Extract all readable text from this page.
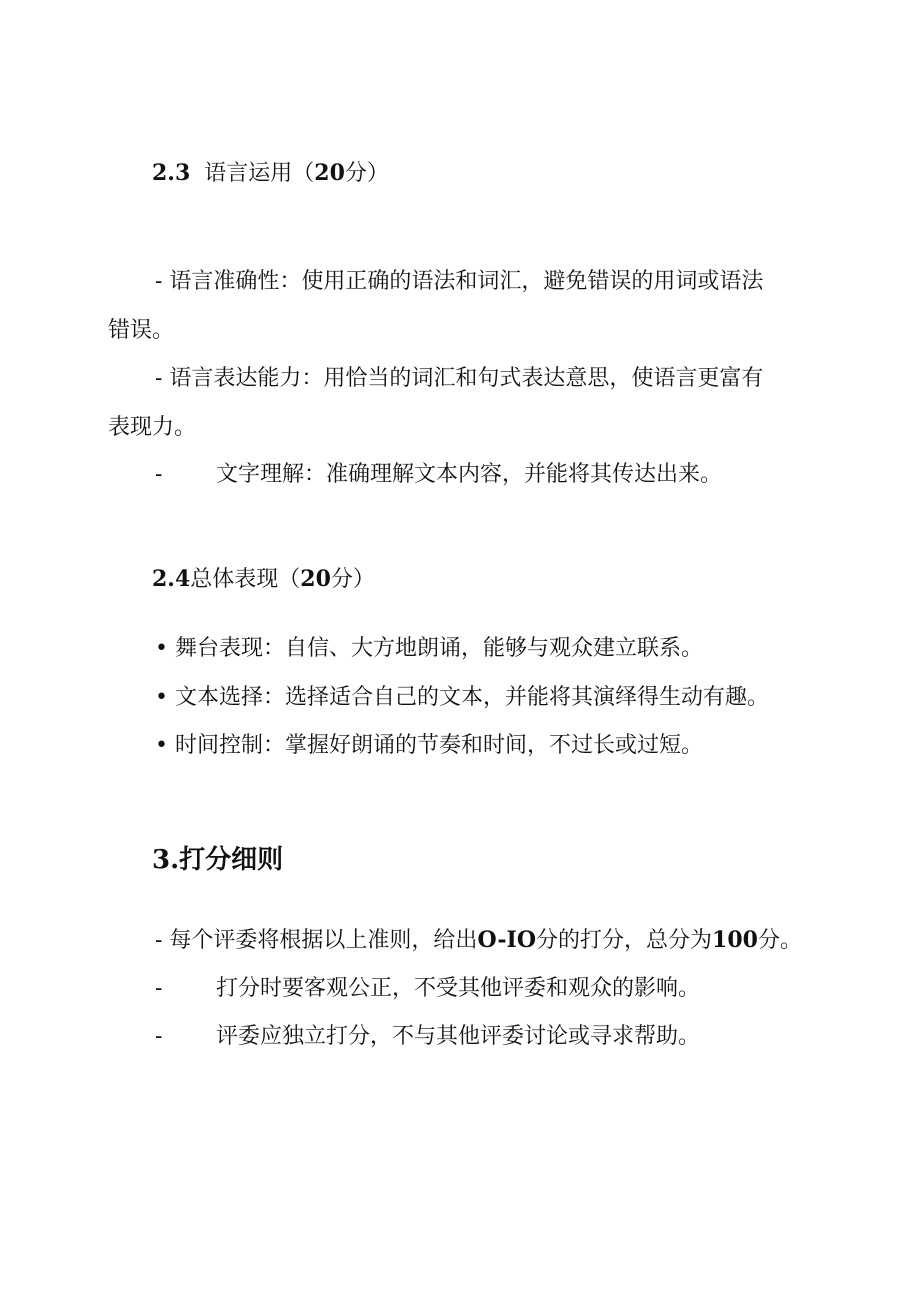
2.3 语言运用（20分）
- 语言准确性：使用正确的语法和词汇，避免错误的用词或语法
错误。
- 语言表达能力：用恰当的词汇和句式表达意思，使语言更富有
表现力。
- 文字理解：准确理解文本内容，并能将其传达出来。
2.4总体表现（20分）
• 舞台表现：自信、大方地朗诵，能够与观众建立联系。
• 文本选择：选择适合自己的文本，并能将其演绎得生动有趣。
• 时间控制：掌握好朗诵的节奏和时间，不过长或过短。
3.打分细则
- 每个评委将根据以上准则，给出O-IO分的打分，总分为100分。
- 打分时要客观公正，不受其他评委和观众的影响。
- 评委应独立打分，不与其他评委讨论或寻求帮助。
